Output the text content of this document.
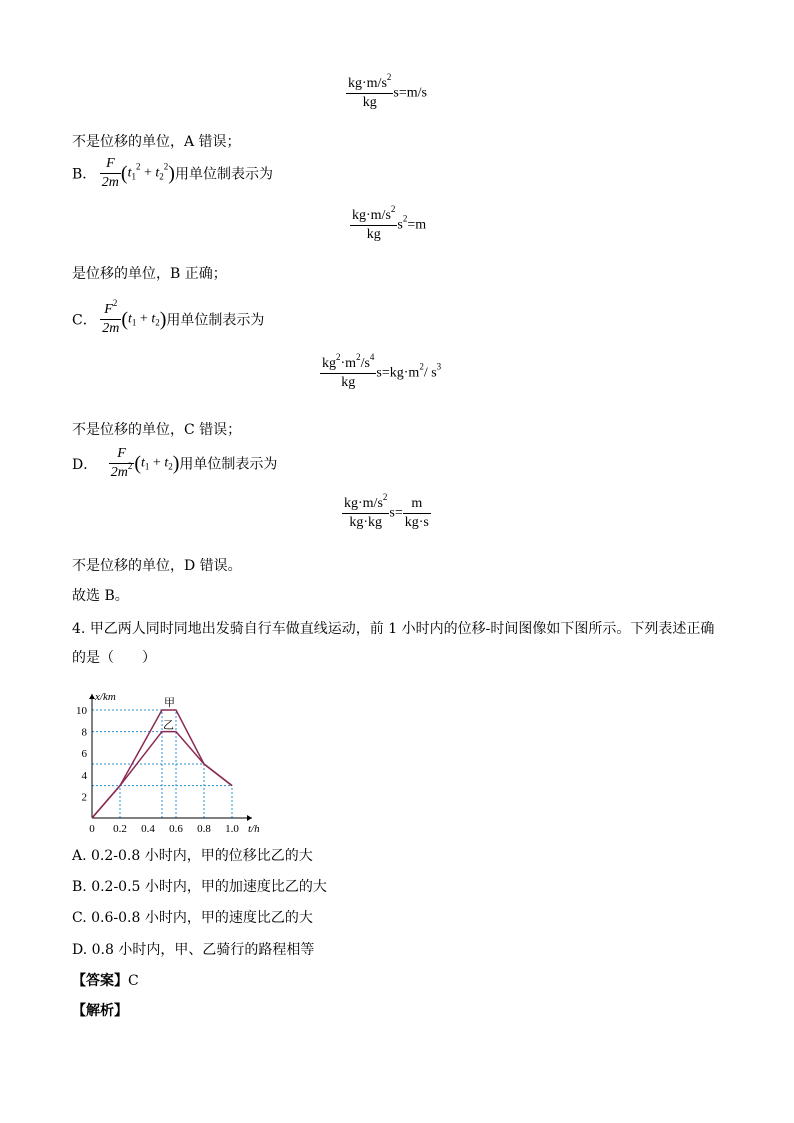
$\frac{kg\cdot m/s^2}{kg} s=m/s$
不是位移的单位，A 错误；
B． $\frac{F}{2m} (t_1^2 + t_2^2)$用单位制表示为
$\frac{kg\cdot m/s^2}{kg} s^2=m$
是位移的单位，B 正确；
C． $\frac{F^2}{2m} (t_1 + t_2)$用单位制表示为
$\frac{kg^2\cdot m^2/s^4}{kg} s=kg\cdot m^2/$ $s^3$
不是位移的单位，C 错误；
D． $\frac{F}{2m^2} (t_1 + t_2)$用单位制表示为
$\frac{kg\cdot m/s^2}{kg\cdot kg} s= \frac{m}{kg\cdot s}$
不是位移的单位，D 错误。
故选 B。
4. 甲乙两人同时同地出发骑自行车做直线运动，前 1 小时内的位移-时间图像如下图所示。下列表述正确
的是（　　）
0 0.2 0.4 0.6 0.8 1.0
2
4
6
8
10
t/h
x/km	甲
乙
A. 0.2-0.8 小时内，甲的位移比乙的大
B. 0.2-0.5 小时内，甲的加速度比乙的大
C. 0.6-0.8 小时内，甲的速度比乙的大
D. 0.8 小时内，甲、乙骑行的路程相等
【答案】C
【解析】
